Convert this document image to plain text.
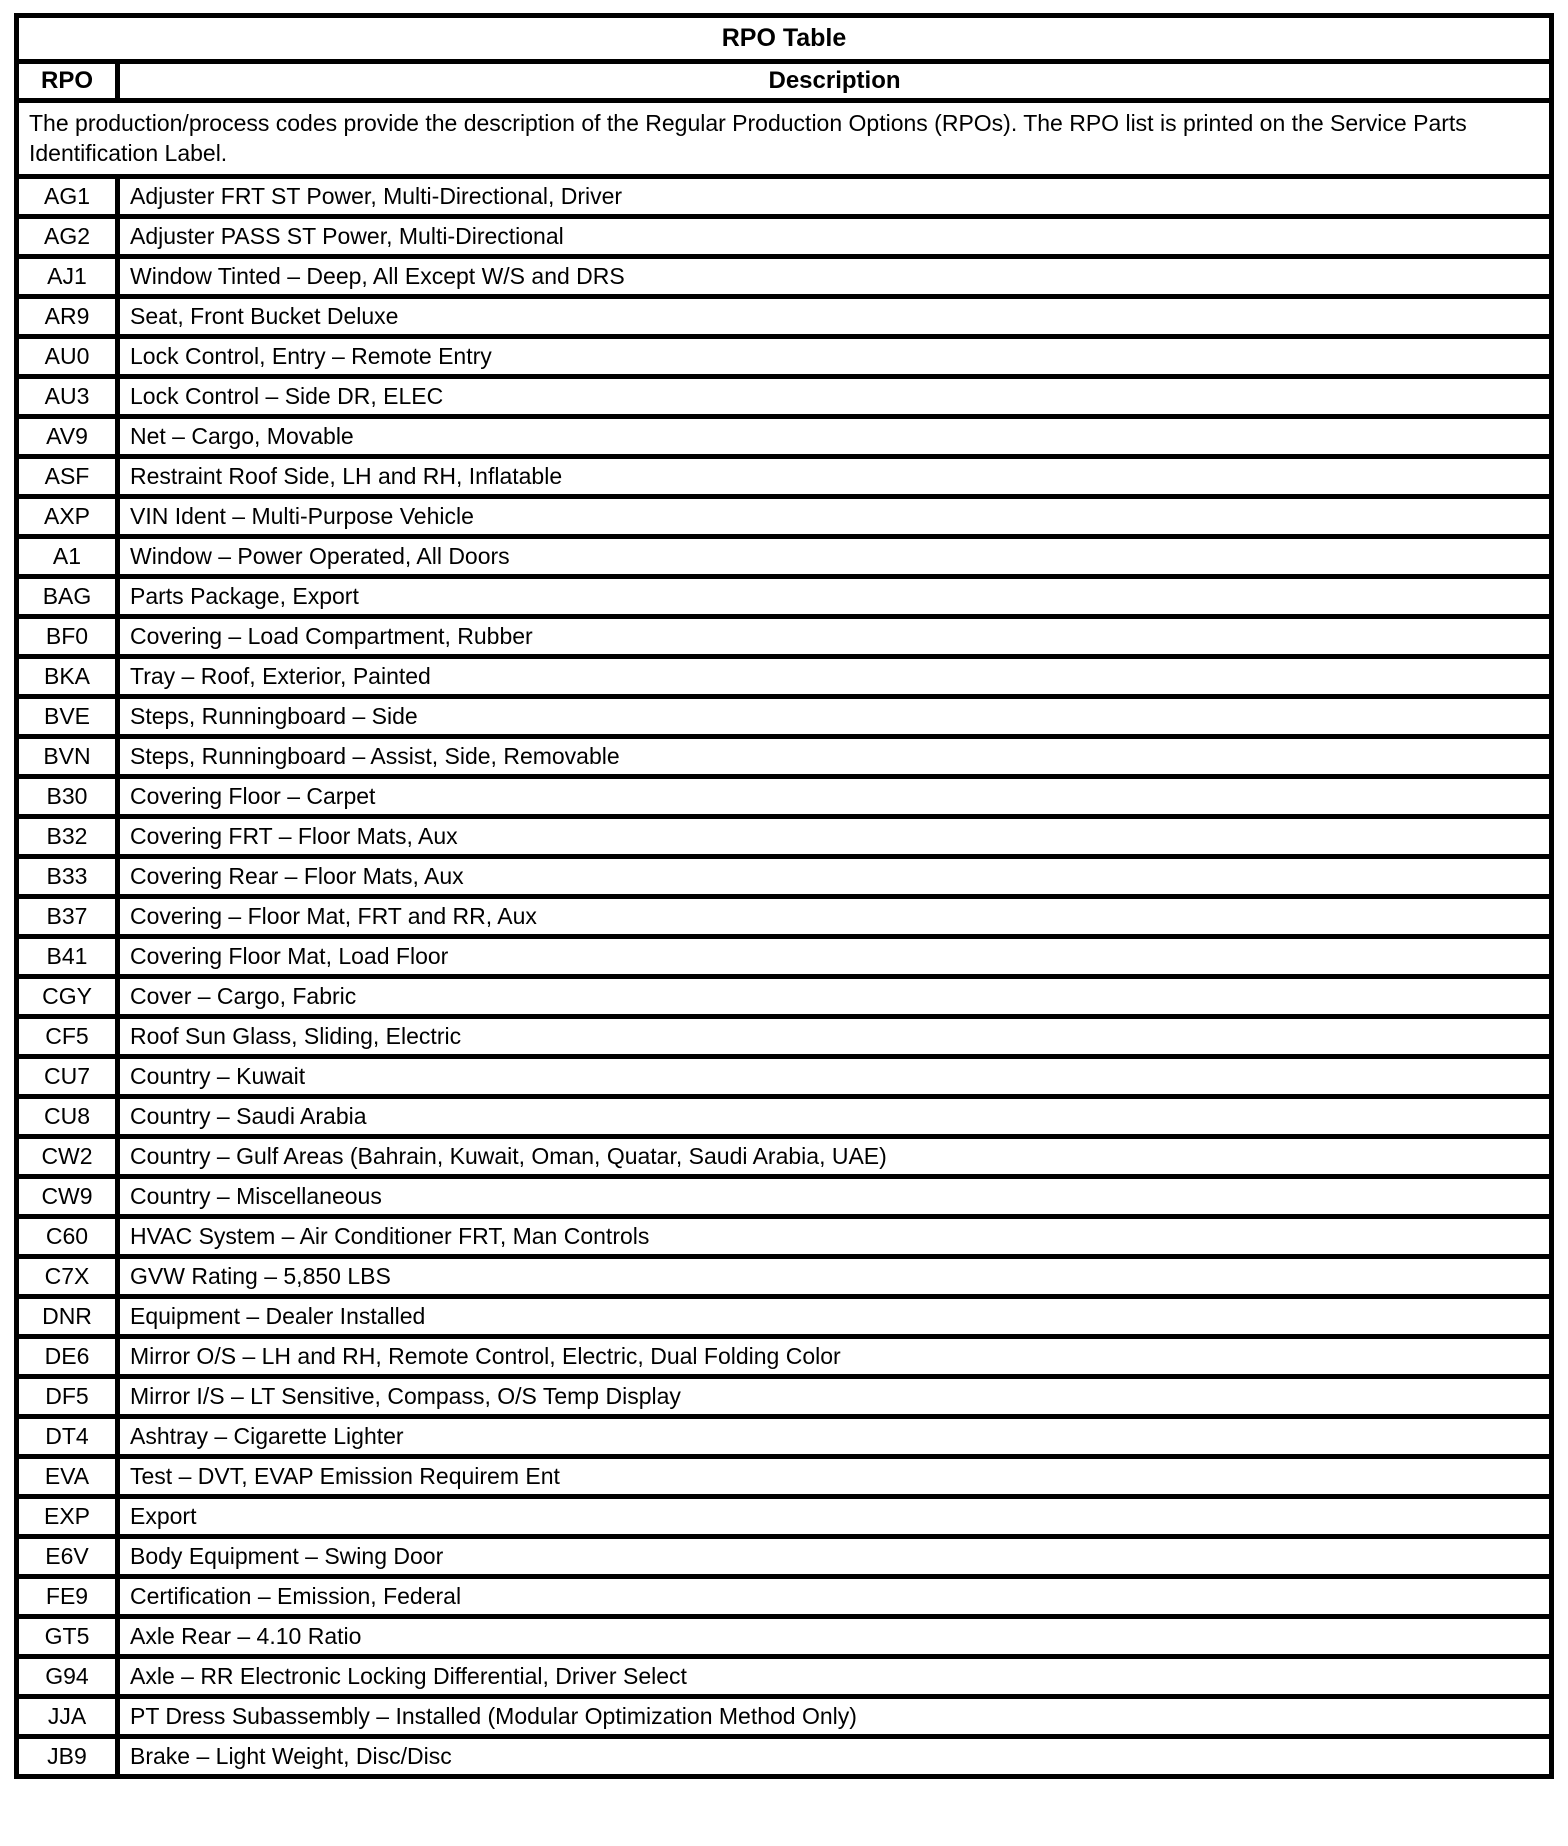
RPO Table	
RPO	Description
The production/process codes provide the description of the Regular Production Options (RPOs). The RPO list is printed on the Service Parts Identification Label.	
AG1	Adjuster FRT ST Power, Multi-Directional, Driver
AG2	Adjuster PASS ST Power, Multi-Directional
AJ1	Window Tinted – Deep, All Except W/S and DRS
AR9	Seat, Front Bucket Deluxe
AU0	Lock Control, Entry – Remote Entry
AU3	Lock Control – Side DR, ELEC
AV9	Net – Cargo, Movable
ASF	Restraint Roof Side, LH and RH, Inflatable
AXP	VIN Ident – Multi-Purpose Vehicle
A1	Window – Power Operated, All Doors
BAG	Parts Package, Export
BF0	Covering – Load Compartment, Rubber
BKA	Tray – Roof, Exterior, Painted
BVE	Steps, Runningboard – Side
BVN	Steps, Runningboard – Assist, Side, Removable
B30	Covering Floor – Carpet
B32	Covering FRT – Floor Mats, Aux
B33	Covering Rear – Floor Mats, Aux
B37	Covering – Floor Mat, FRT and RR, Aux
B41	Covering Floor Mat, Load Floor
CGY	Cover – Cargo, Fabric
CF5	Roof Sun Glass, Sliding, Electric
CU7	Country – Kuwait
CU8	Country – Saudi Arabia
CW2	Country – Gulf Areas (Bahrain, Kuwait, Oman, Quatar, Saudi Arabia, UAE)
CW9	Country – Miscellaneous
C60	HVAC System – Air Conditioner FRT, Man Controls
C7X	GVW Rating – 5,850 LBS
DNR	Equipment – Dealer Installed
DE6	Mirror O/S – LH and RH, Remote Control, Electric, Dual Folding Color
DF5	Mirror I/S – LT Sensitive, Compass, O/S Temp Display
DT4	Ashtray – Cigarette Lighter
EVA	Test – DVT, EVAP Emission Requirem Ent
EXP	Export
E6V	Body Equipment – Swing Door
FE9	Certification – Emission, Federal
GT5	Axle Rear – 4.10 Ratio
G94	Axle – RR Electronic Locking Differential, Driver Select
JJA	PT Dress Subassembly – Installed (Modular Optimization Method Only)
JB9	Brake – Light Weight, Disc/Disc
